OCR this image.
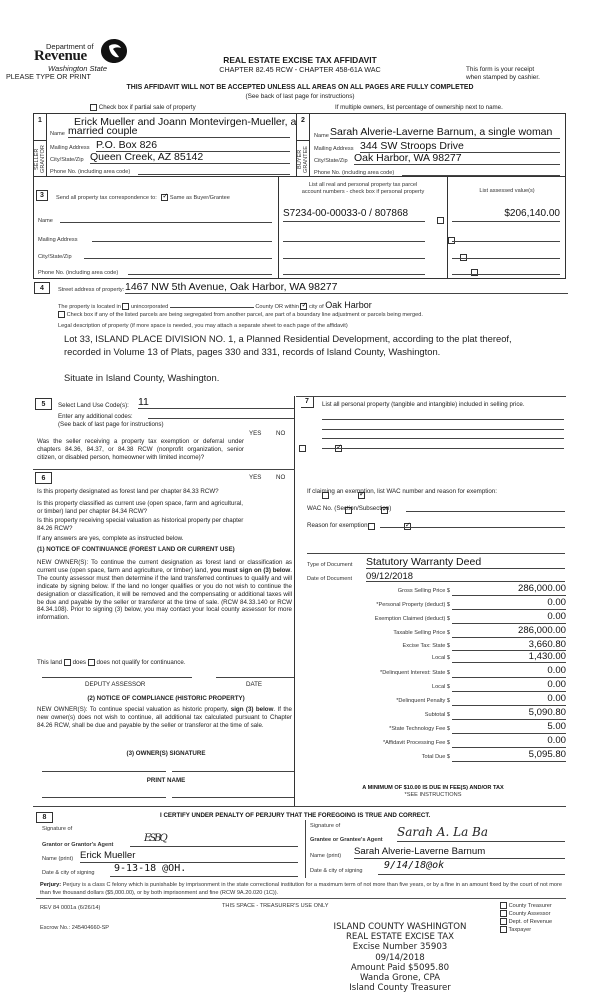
Department of
Revenue
Washington State
PLEASE TYPE OR PRINT
REAL ESTATE EXCISE TAX AFFIDAVIT
CHAPTER 82.45 RCW - CHAPTER 458-61A WAC	This form is your receipt
when stamped by cashier.
THIS AFFIDAVIT WILL NOT BE ACCEPTED UNLESS ALL AREAS ON ALL PAGES ARE FULLY COMPLETED
(See back of last page for instructions)
Check box if partial sale of property	If multiple owners, list percentage of ownership next to name.
1
SELLER
GRANTOR
Erick Mueller and Joann Montevirgen-Mueller, a
Name married couple
Mailing Address P.O. Box 826
City/State/Zip Queen Creek, AZ 85142
Phone No. (including area code)
2
BUYER
GRANTEE
Name Sarah Alverie-Laverne Barnum, a single woman
Mailing Address 344 SW Stroops Drive
City/State/Zip Oak Harbor, WA 98277
Phone No. (including area code)
3	Send all property tax correspondence to: ✓ Same as Buyer/Grantee
List all real and personal property tax parcel
account numbers - check box if personal property	List assessed value(s)
Name
Mailing Address
City/State/Zip
Phone No. (including area code)
S7234-00-00033-0 / 807868
	$206,140.00

4	Street address of property: 1467 NW 5th Avenue, Oak Harbor, WA 98277
The property is located in unincorporated	County OR within ✓ city of Oak Harbor
Check box if any of the listed parcels are being segregated from another parcel, are part of a boundary line adjustment or parcels being merged.
Legal description of property (if more space is needed, you may attach a separate sheet to each page of the affidavit)
Lot 33, ISLAND PLACE DIVISION NO. 1, a Planned Residential Development, according to the plat thereof,
recorded in Volume 13 of Plats, pages 330 and 331, records of Island County, Washington.
Situate in Island County, Washington.
5	Select Land Use Code(s): 11
Enter any additional codes:
(See back of last page for instructions)
YES NO
Was the seller receiving a property tax exemption or deferral under chapters 84.36, 84.37, or 84.38 RCW (nonprofit organization, senior citizen, or disabled person, homeowner with limited income)?
✓
6	YES NO
Is this property designated as forest land per chapter 84.33 RCW?
✓
Is this property classified as current use (open space, farm and agricultural, or timber) land per chapter 84.34 RCW?
✓
Is this property receiving special valuation as historical property per chapter 84.26 RCW?
✓
If any answers are yes, complete as instructed below.
(1) NOTICE OF CONTINUANCE (FOREST LAND OR CURRENT USE)
NEW OWNER(S): To continue the current designation as forest land or classification as current use (open space, farm and agriculture, or timber) land, you must sign on (3) below. The county assessor must then determine if the land transferred continues to qualify and will indicate by signing below. If the land no longer qualifies or you do not wish to continue the designation or classification, it will be removed and the compensating or additional taxes will be due and payable by the seller or transferor at the time of sale. (RCW 84.33.140 or RCW 84.34.108). Prior to signing (3) below, you may contact your local county assessor for more information.
This land does does not qualify for continuance.
DEPUTY ASSESSOR	DATE
(2) NOTICE OF COMPLIANCE (HISTORIC PROPERTY)
NEW OWNER(S): To continue special valuation as historic property, sign (3) below. If the new owner(s) does not wish to continue, all additional tax calculated pursuant to Chapter 84.26 RCW, shall be due and payable by the seller or transferor at the time of sale.
(3) OWNER(S) SIGNATURE
PRINT NAME
7	List all personal property (tangible and intangible) included in selling price.
If claiming an exemption, list WAC number and reason for exemption:
WAC No. (Section/Subsection)
Reason for exemption
Type of Document Statutory Warranty Deed
Date of Document 09/12/2018
Gross Selling Price $	286,000.00
*Personal Property (deduct) $	0.00
Exemption Claimed (deduct) $	0.00
Taxable Selling Price $	286,000.00
Excise Tax: State $	3,660.80
Local $	1,430.00
*Delinquent Interest: State $	0.00
Local $	0.00
*Delinquent Penalty $	0.00
Subtotal $	5,090.80
*State Technology Fee $	5.00
*Affidavit Processing Fee $	0.00
Total Due $	5,095.80
A MINIMUM OF $10.00 IS DUE IN FEE(S) AND/OR TAX
*SEE INSTRUCTIONS
8	I CERTIFY UNDER PENALTY OF PERJURY THAT THE FOREGOING IS TRUE AND CORRECT.
Signature of
Grantor or Grantor's Agent
ESBQ
Name (print) Erick Mueller
Date & city of signing	9-13-18 @OH.
Signature of
Grantee or Grantee's Agent
Sarah A. La Ba
Name (print) Sarah Alverie-Laverne Barnum
Date & city of signing	9/14/18@ok
Perjury: Perjury is a class C felony which is punishable by imprisonment in the state correctional institution for a maximum term of not more than five years, or by a fine in an amount fixed by the court of not more than five thousand dollars ($5,000.00), or by both imprisonment and fine (RCW 9A.20.020 (1C)).
REV 84 0001a (6/26/14)	THIS SPACE - TREASURER'S USE ONLY
Escrow No.: 245404660-SP
County Treasurer
County Assessor
Dept. of Revenue
Taxpayer
ISLAND COUNTY WASHINGTON
REAL ESTATE EXCISE TAX
Excise Number 35903
09/14/2018
Amount Paid $5095.80
Wanda Grone, CPA
Island County Treasurer
